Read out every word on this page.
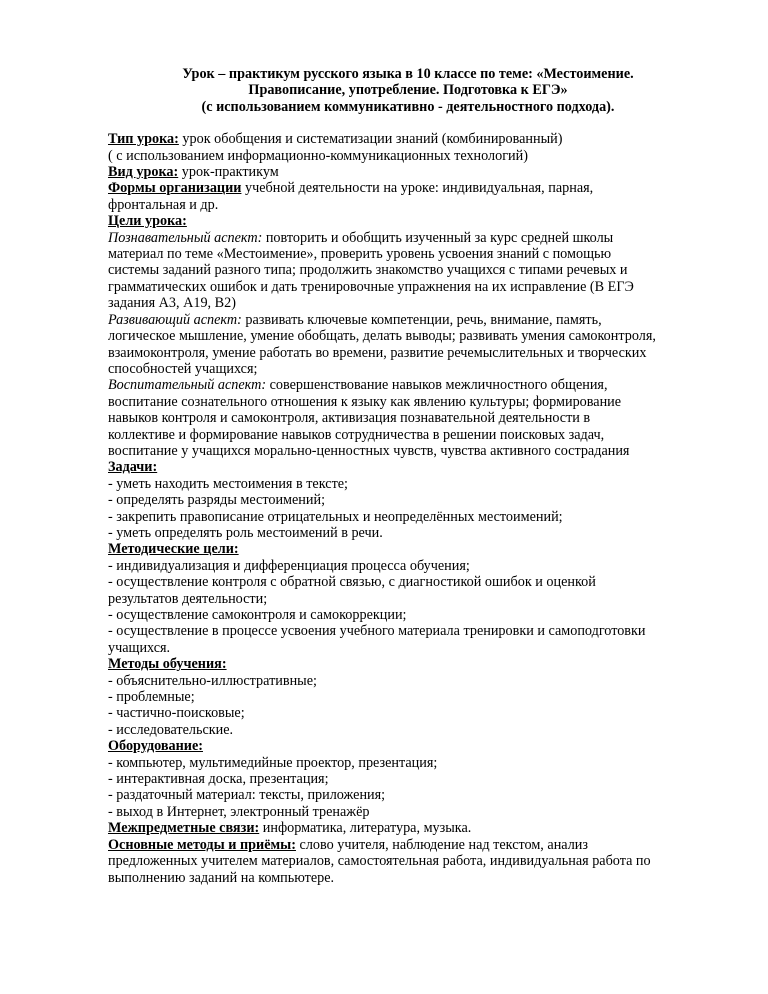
Урок – практикум русского языка в 10 классе по теме: «Местоимение.
Правописание, употребление. Подготовка к ЕГЭ»
(с использованием коммуникативно - деятельностного подхода).
Тип урока: урок обобщения и систематизации знаний (комбинированный)
( с использованием информационно-коммуникационных технологий)
Вид урока: урок-практикум
Формы организации учебной деятельности на уроке: индивидуальная, парная,
фронтальная и др.
Цели урока:
Познавательный аспект: повторить и обобщить изученный за курс средней школы
материал по теме «Местоимение», проверить уровень усвоения знаний с помощью
системы заданий разного типа; продолжить знакомство учащихся с типами речевых и
грамматических ошибок и дать тренировочные упражнения на их исправление (В ЕГЭ
задания А3, А19, В2)
Развивающий аспект: развивать ключевые компетенции, речь, внимание, память,
логическое мышление, умение обобщать, делать выводы; развивать умения самоконтроля,
взаимоконтроля, умение работать во времени, развитие речемыслительных и творческих
способностей учащихся;
Воспитательный аспект: совершенствование навыков межличностного общения,
воспитание сознательного отношения к языку как явлению культуры; формирование
навыков контроля и самоконтроля, активизация познавательной деятельности в
коллективе и формирование навыков сотрудничества в решении поисковых задач,
воспитание у учащихся морально-ценностных чувств, чувства активного сострадания
Задачи:
- уметь находить местоимения в тексте;
- определять разряды местоимений;
- закрепить правописание отрицательных и неопределённых местоимений;
- уметь определять роль местоимений в речи.
Методические цели:
- индивидуализация и дифференциация процесса обучения;
- осуществление контроля с обратной связью, с диагностикой ошибок и оценкой
результатов деятельности;
- осуществление самоконтроля и самокоррекции;
- осуществление в процессе усвоения учебного материала тренировки и самоподготовки
учащихся.
Методы обучения:
- объяснительно-иллюстративные;
- проблемные;
- частично-поисковые;
- исследовательские.
Оборудование:
- компьютер, мультимедийные проектор, презентация;
- интерактивная доска, презентация;
- раздаточный материал: тексты, приложения;
- выход в Интернет, электронный тренажёр
Межпредметные связи: информатика, литература, музыка.
Основные методы и приёмы: слово учителя, наблюдение над текстом, анализ
предложенных учителем материалов, самостоятельная работа, индивидуальная работа по
выполнению заданий на компьютере.
